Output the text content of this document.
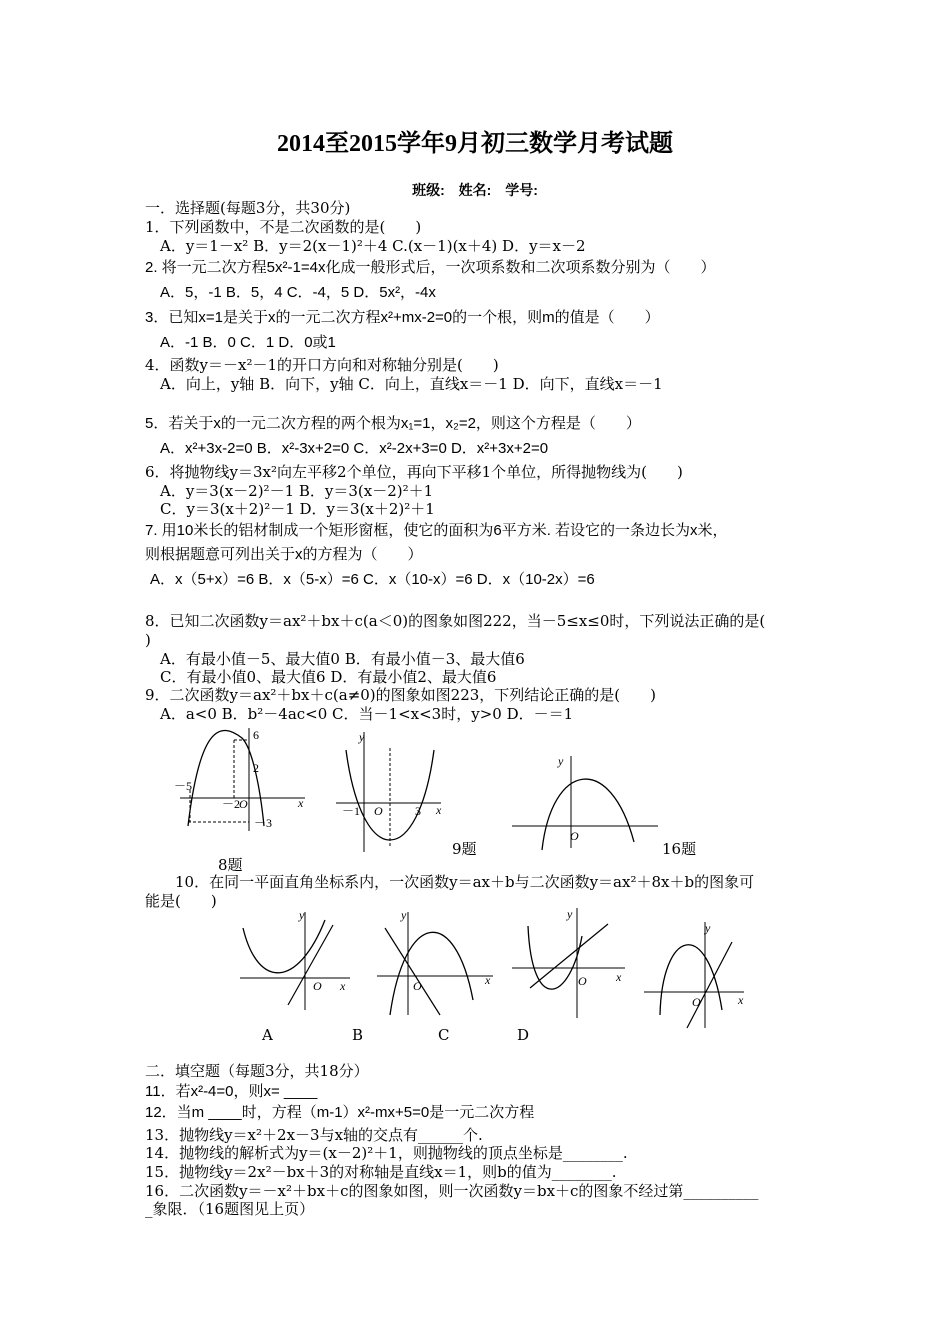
2014至2015学年9月初三数学月考试题
班级: 姓名: 学号:
一．选择题(每题3分，共30分)
1．下列函数中，不是二次函数的是(　　)
　A．y＝1－x² B．y＝2(x－1)²＋4 C.(x－1)(x＋4) D．y＝x－2
2. 将一元二次方程5x²-1=4x化成一般形式后，一次项系数和二次项系数分别为（　　）
　A．5，-1 B．5，4 C．-4，5 D．5x²，-4x
3．已知x=1是关于x的一元二次方程x²+mx-2=0的一个根，则m的值是（　　）
　A．-1 B．0 C．1 D．0或1
4．函数y＝－x²－1的开口方向和对称轴分别是(　　)
　A．向上，y轴 B．向下，y轴 C．向上，直线x＝－1 D．向下，直线x＝－1
5．若关于x的一元二次方程的两个根为x₁=1，x₂=2，则这个方程是（　　）
　A．x²+3x-2=0 B．x²-3x+2=0 C．x²-2x+3=0 D．x²+3x+2=0
6．将抛物线y＝3x²向左平移2个单位，再向下平移1个单位，所得抛物线为(　　)
　A．y＝3(x－2)²－1 B．y＝3(x－2)²＋1
　C．y＝3(x＋2)²－1 D．y＝3(x＋2)²＋1
7. 用10米长的铝材制成一个矩形窗框，使它的面积为6平方米. 若设它的一条边长为x米，
则根据题意可列出关于x的方程为（　　）
A．x（5+x）=6 B．x（5-x）=6 C．x（10-x）=6 D．x（10-2x）=6
8．已知二次函数y＝ax²＋bx＋c(a＜0)的图象如图222，当－5≤x≤0时，下列说法正确的是(
)
　A．有最小值－5、最大值0 B．有最小值－3、最大值6
　C．有最小值0、最大值6 D．有最小值2、最大值6
9．二次函数y＝ax²＋bx＋c(a≠0)的图象如图223，下列结论正确的是(　　)
　A．a<0 B．b²－4ac<0 C．当－1<x<3时，y>0 D．－＝1
6
2
－5
－2
O
－3
x
8题
y
－1 O	3 x
9题
y
O
16题
　　10．在同一平面直角坐标系内，一次函数y＝ax＋b与二次函数y＝ax²＋8x＋b的图象可
能是(　　)
y
O x
y
O	x
y
O x
y
O	x
A	B	C	D
二．填空题（每题3分，共18分）
11．若x²-4=0，则x= ____
12．当m ____时，方程（m-1）x²-mx+5=0是一元二次方程
13．抛物线y＝x²＋2x－3与x轴的交点有______个.
14．抛物线的解析式为y＝(x－2)²＋1，则抛物线的顶点坐标是________.
15．抛物线y＝2x²－bx＋3的对称轴是直线x＝1，则b的值为________.
16．二次函数y＝－x²＋bx＋c的图象如图，则一次函数y＝bx＋c的图象不经过第__________
_象限．（16题图见上页）
